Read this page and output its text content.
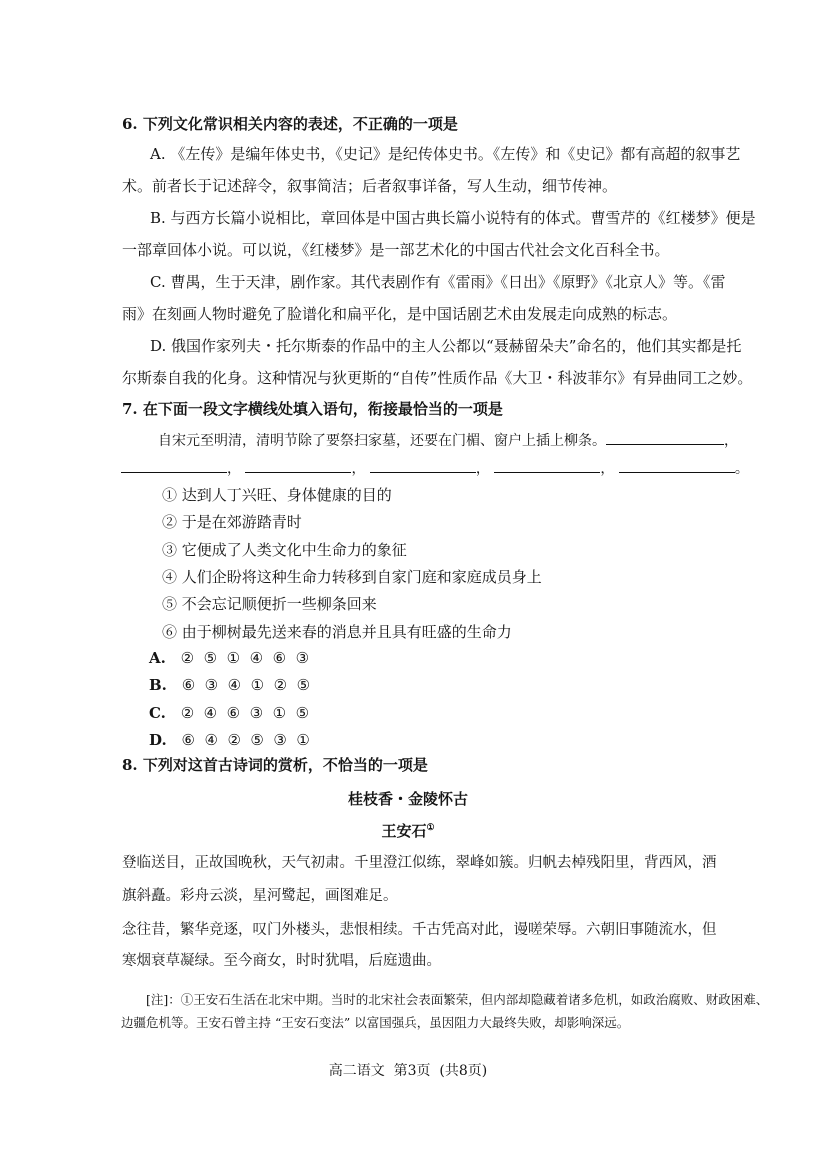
6. 下列文化常识相关内容的表述，不正确的一项是
A. 《左传》是编年体史书，《史记》是纪传体史书。《左传》和《史记》都有高超的叙事艺
术。前者长于记述辞令，叙事简洁；后者叙事详备，写人生动，细节传神。
B. 与西方长篇小说相比，章回体是中国古典长篇小说特有的体式。曹雪芹的《红楼梦》便是
一部章回体小说。可以说，《红楼梦》是一部艺术化的中国古代社会文化百科全书。
C. 曹禺，生于天津，剧作家。其代表剧作有《雷雨》《日出》《原野》《北京人》等。《雷
雨》在刻画人物时避免了脸谱化和扁平化，是中国话剧艺术由发展走向成熟的标志。
D. 俄国作家列夫・托尔斯泰的作品中的主人公都以“聂赫留朵夫”命名的，他们其实都是托
尔斯泰自我的化身。这种情况与狄更斯的“自传”性质作品《大卫・科波菲尔》有异曲同工之妙。
7. 在下面一段文字横线处填入语句，衔接最恰当的一项是
自宋元至明清，清明节除了要祭扫家墓，还要在门楣、窗户上插上柳条。	，
，	，	，	，	。
① 达到人丁兴旺、身体健康的目的
② 于是在郊游踏青时
③ 它便成了人类文化中生命力的象征
④ 人们企盼将这种生命力转移到自家门庭和家庭成员身上
⑤ 不会忘记顺便折一些柳条回来
⑥ 由于柳树最先送来春的消息并且具有旺盛的生命力
A. ②  ⑤  ①  ④  ⑥  ③
B. ⑥  ③  ④  ①  ②  ⑤
C. ②  ④  ⑥  ③  ①  ⑤
D. ⑥  ④  ②  ⑤  ③  ①
8. 下列对这首古诗词的赏析，不恰当的一项是
桂枝香・金陵怀古
王安石①
登临送目，正故国晚秋，天气初肃。千里澄江似练，翠峰如簇。归帆去棹残阳里，背西风，酒
旗斜矗。彩舟云淡，星河鹭起，画图难足。
念往昔，繁华竞逐，叹门外楼头，悲恨相续。千古凭高对此，谩嗟荣辱。六朝旧事随流水，但
寒烟衰草凝绿。至今商女，时时犹唱，后庭遗曲。
[注]：①王安石生活在北宋中期。当时的北宋社会表面繁荣，但内部却隐藏着诸多危机，如政治腐败、财政困难、
边疆危机等。王安石曾主持 “王安石变法” 以富国强兵，虽因阻力大最终失败，却影响深远。
高二语文  第3页  (共8页)
